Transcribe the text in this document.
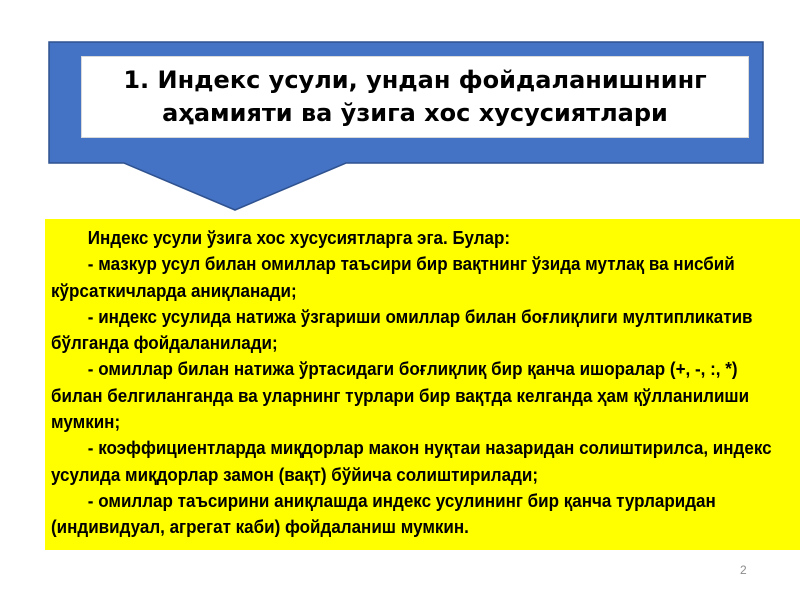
1. Индекс усули, ундан фойдаланишнинг аҳамияти ва ўзига хос хусусиятлари

Индекс усули ўзига хос хусусиятларга эга. Булар:

- мазкур усул билан омиллар таъсири бир вақтнинг ўзида мутлақ ва нисбий кўрсаткичларда аниқланади;

- индекс усулида натижа ўзгариши омиллар билан боғлиқлиги мултипликатив бўлганда фойдаланилади;

- омиллар билан натижа ўртасидаги боғлиқлиқ бир қанча ишоралар (+, -, :, *) билан белгиланганда ва уларнинг турлари бир вақтда келганда ҳам қўлланилиши мумкин;

- коэффициентларда миқдорлар макон нуқтаи назаридан солиштирилса, индекс усулида миқдорлар замон (вақт) бўйича солиштирилади;

- омиллар таъсирини аниқлашда индекс усулининг бир қанча турларидан (индивидуал, агрегат каби) фойдаланиш мумкин.

2
